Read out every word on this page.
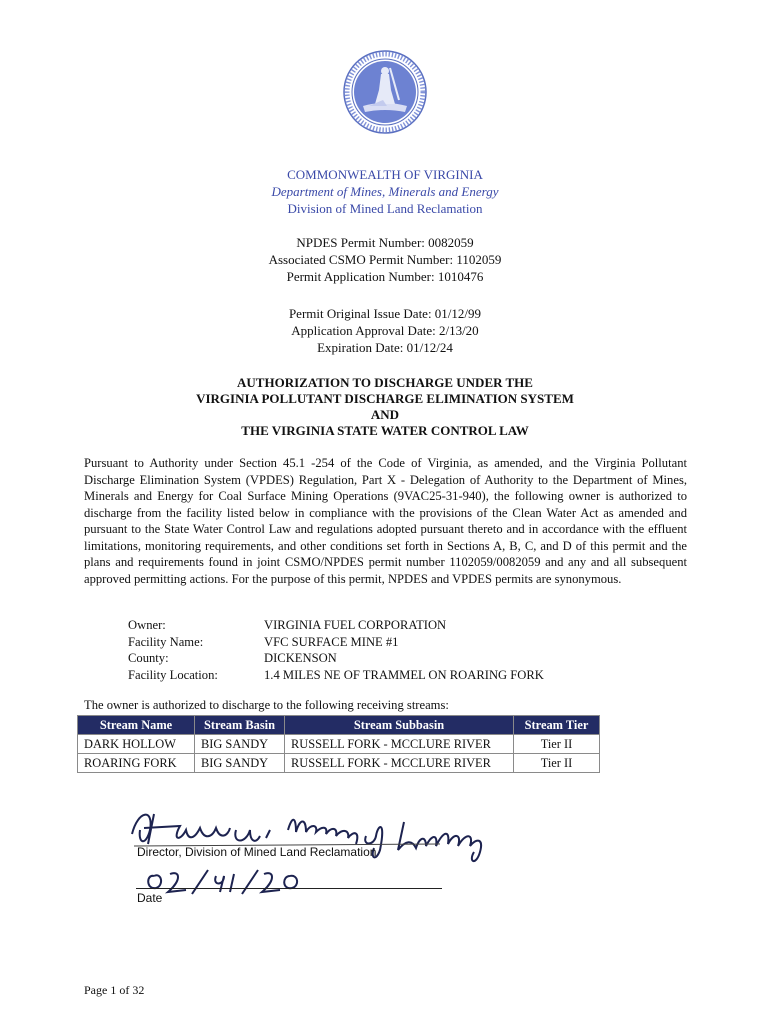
COMMONWEALTH OF VIRGINIA
Department of Mines, Minerals and Energy
Division of Mined Land Reclamation
NPDES Permit Number: 0082059
Associated CSMO Permit Number: 1102059
Permit Application Number: 1010476
Permit Original Issue Date: 01/12/99
Application Approval Date: 2/13/20
Expiration Date: 01/12/24
AUTHORIZATION TO DISCHARGE UNDER THE
VIRGINIA POLLUTANT DISCHARGE ELIMINATION SYSTEM
AND
THE VIRGINIA STATE WATER CONTROL LAW
Pursuant to Authority under Section 45.1 -254 of the Code of Virginia, as amended, and the Virginia Pollutant Discharge Elimination System (VPDES) Regulation, Part X - Delegation of Authority to the Department of Mines, Minerals and Energy for Coal Surface Mining Operations (9VAC25-31-940), the following owner is authorized to discharge from the facility listed below in compliance with the provisions of the Clean Water Act as amended and pursuant to the State Water Control Law and regulations adopted pursuant thereto and in accordance with the effluent limitations, monitoring requirements, and other conditions set forth in Sections A, B, C, and D of this permit and the plans and requirements found in joint CSMO/NPDES permit number 1102059/0082059 and any and all subsequent approved permitting actions. For the purpose of this permit, NPDES and VPDES permits are synonymous.
Owner:	VIRGINIA FUEL CORPORATION
Facility Name:	VFC SURFACE MINE #1
County:	DICKENSON
Facility Location:	1.4 MILES NE OF TRAMMEL ON ROARING FORK
The owner is authorized to discharge to the following receiving streams:
Stream Name	Stream Basin	Stream Subbasin	Stream Tier
DARK HOLLOW	BIG SANDY	RUSSELL FORK - MCCLURE RIVER	Tier II
ROARING FORK	BIG SANDY	RUSSELL FORK - MCCLURE RIVER	Tier II
Director, Division of Mined Land Reclamation
Date
Page 1 of 32
